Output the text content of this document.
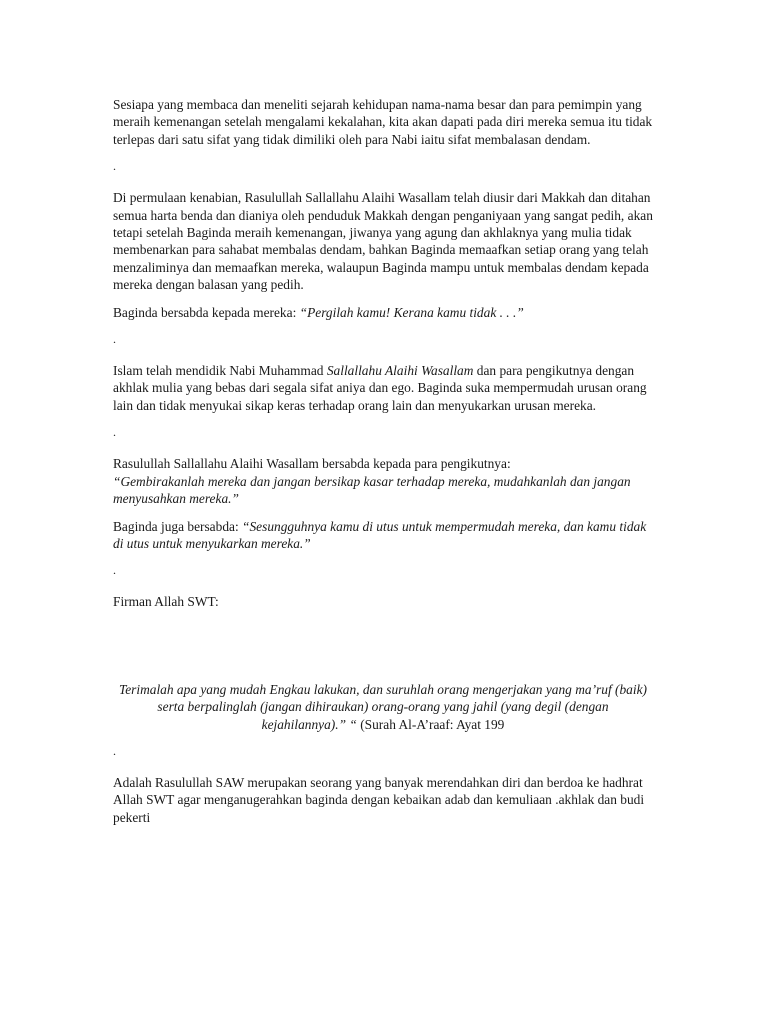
Sesiapa yang membaca dan meneliti sejarah kehidupan nama-nama besar dan para pemimpin yang meraih kemenangan setelah mengalami kekalahan, kita akan dapati pada diri mereka semua itu tidak terlepas dari satu sifat yang tidak dimiliki oleh para Nabi iaitu sifat membalasan dendam.

.

Di permulaan kenabian, Rasulullah Sallallahu Alaihi Wasallam telah diusir dari Makkah dan ditahan semua harta benda dan dianiya oleh penduduk Makkah dengan penganiyaan yang sangat pedih, akan tetapi setelah Baginda meraih kemenangan, jiwanya yang agung dan akhlaknya yang mulia tidak membenarkan para sahabat membalas dendam, bahkan Baginda memaafkan setiap orang yang telah menzaliminya dan memaafkan mereka, walaupun Baginda mampu untuk membalas dendam kepada mereka dengan balasan yang pedih.

Baginda bersabda kepada mereka: “Pergilah kamu! Kerana kamu tidak . . .”

.

Islam telah mendidik Nabi Muhammad Sallallahu Alaihi Wasallam dan para pengikutnya dengan akhlak mulia yang bebas dari segala sifat aniya dan ego. Baginda suka mempermudah urusan orang lain dan tidak menyukai sikap keras terhadap orang lain dan menyukarkan urusan mereka.

.

Rasulullah Sallallahu Alaihi Wasallam bersabda kepada para pengikutnya:
“Gembirakanlah mereka dan jangan bersikap kasar terhadap mereka, mudahkanlah dan jangan menyusahkan mereka.”

Baginda juga bersabda: “Sesungguhnya kamu di utus untuk mempermudah mereka, dan kamu tidak di utus untuk menyukarkan mereka.”

.

Firman Allah SWT:

Terimalah apa yang mudah Engkau lakukan, dan suruhlah orang mengerjakan yang ma’ruf (baik) serta berpalinglah (jangan dihiraukan) orang-orang yang jahil (yang degil (dengan kejahilannya).” “ (Surah Al-A’raaf: Ayat 199

.

Adalah Rasulullah SAW merupakan seorang yang banyak merendahkan diri dan berdoa ke hadhrat Allah SWT agar menganugerahkan baginda dengan kebaikan adab dan kemuliaan .akhlak dan budi pekerti
